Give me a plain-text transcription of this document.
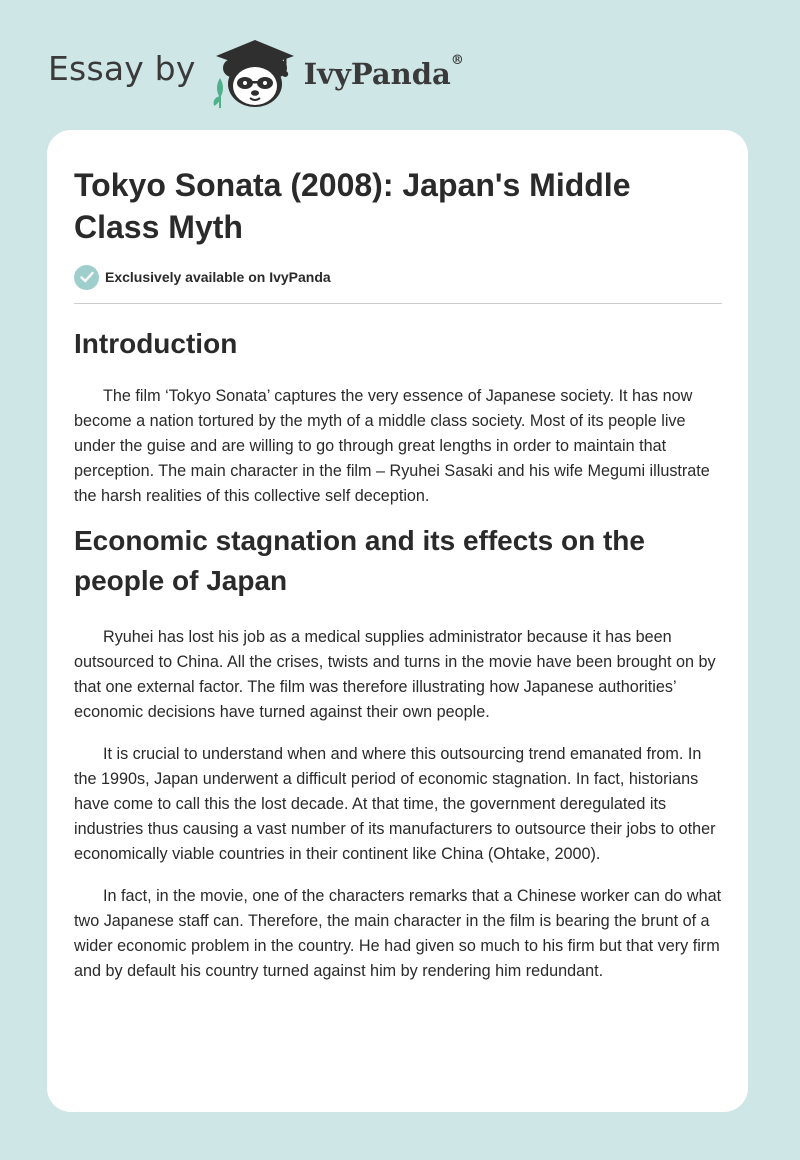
Essay by	IvyPanda®
Tokyo Sonata (2008): Japan's Middle Class Myth
Exclusively available on IvyPanda
Introduction

The film ‘Tokyo Sonata’ captures the very essence of Japanese society. It has now become a nation tortured by the myth of a middle class society. Most of its people live under the guise and are willing to go through great lengths in order to maintain that perception. The main character in the film – Ryuhei Sasaki and his wife Megumi illustrate the harsh realities of this collective self deception.

Economic stagnation and its effects on the people of Japan

Ryuhei has lost his job as a medical supplies administrator because it has been outsourced to China. All the crises, twists and turns in the movie have been brought on by that one external factor. The film was therefore illustrating how Japanese authorities’ economic decisions have turned against their own people.

It is crucial to understand when and where this outsourcing trend emanated from. In the 1990s, Japan underwent a difficult period of economic stagnation. In fact, historians have come to call this the lost decade. At that time, the government deregulated its industries thus causing a vast number of its manufacturers to outsource their jobs to other economically viable countries in their continent like China (Ohtake, 2000).

In fact, in the movie, one of the characters remarks that a Chinese worker can do what two Japanese staff can. Therefore, the main character in the film is bearing the brunt of a wider economic problem in the country. He had given so much to his firm but that very firm and by default his country turned against him by rendering him redundant.
